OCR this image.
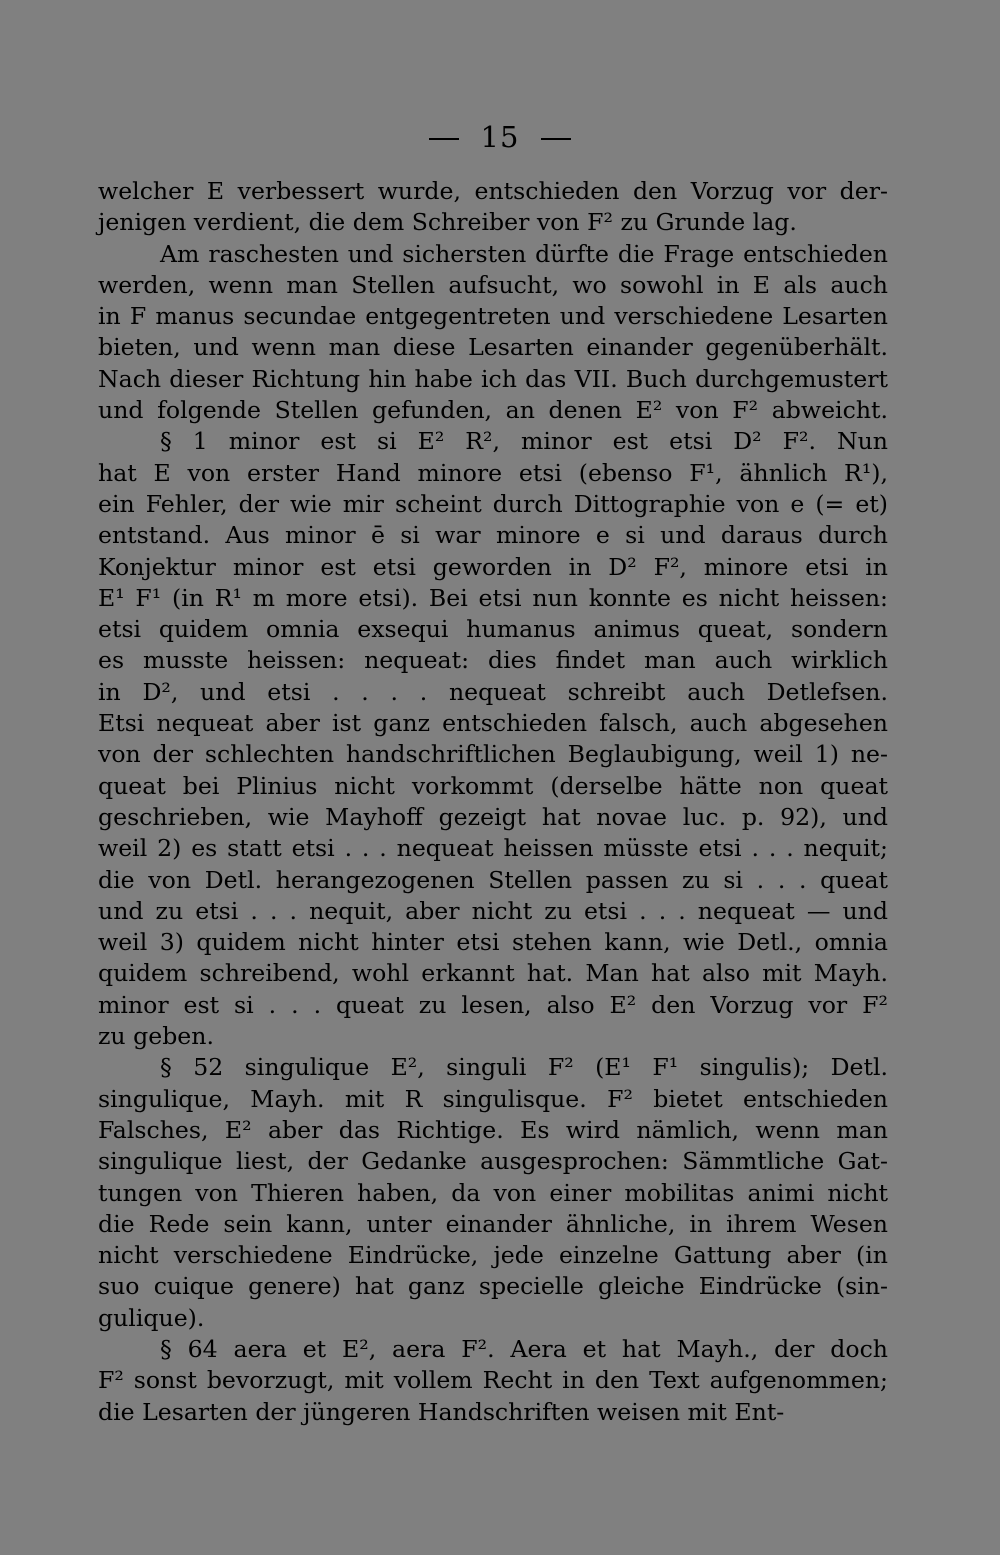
15
welcher E verbessert wurde, entschieden den Vorzug vor der-
jenigen verdient, die dem Schreiber von F² zu Grunde lag.
Am raschesten und sichersten dürfte die Frage entschieden
werden, wenn man Stellen aufsucht, wo sowohl in E als auch
in F manus secundae entgegentreten und verschiedene Lesarten
bieten, und wenn man diese Lesarten einander gegenüberhält.
Nach dieser Richtung hin habe ich das VII. Buch durchgemustert
und folgende Stellen gefunden, an denen E² von F² abweicht.
§ 1 minor est si E² R², minor est etsi D² F². Nun
hat E von erster Hand minore etsi (ebenso F¹, ähnlich R¹),
ein Fehler, der wie mir scheint durch Dittographie von e (= et)
entstand. Aus minor ē si war minore e si und daraus durch
Konjektur minor est etsi geworden in D² F², minore etsi in
E¹ F¹ (in R¹ m more etsi). Bei etsi nun konnte es nicht heissen:
etsi quidem omnia exsequi humanus animus queat, sondern
es musste heissen: nequeat: dies findet man auch wirklich
in D², und etsi . . . . nequeat schreibt auch Detlefsen.
Etsi nequeat aber ist ganz entschieden falsch, auch abgesehen
von der schlechten handschriftlichen Beglaubigung, weil 1) ne-
queat bei Plinius nicht vorkommt (derselbe hätte non queat
geschrieben, wie Mayhoff gezeigt hat novae luc. p. 92), und
weil 2) es statt etsi . . . nequeat heissen müsste etsi . . . nequit;
die von Detl. herangezogenen Stellen passen zu si . . . queat
und zu etsi . . . nequit, aber nicht zu etsi . . . nequeat — und
weil 3) quidem nicht hinter etsi stehen kann, wie Detl., omnia
quidem schreibend, wohl erkannt hat. Man hat also mit Mayh.
minor est si . . . queat zu lesen, also E² den Vorzug vor F²
zu geben.
§ 52 singulique E², singuli F² (E¹ F¹ singulis); Detl.
singulique, Mayh. mit R singulisque. F² bietet entschieden
Falsches, E² aber das Richtige. Es wird nämlich, wenn man
singulique liest, der Gedanke ausgesprochen: Sämmtliche Gat-
tungen von Thieren haben, da von einer mobilitas animi nicht
die Rede sein kann, unter einander ähnliche, in ihrem Wesen
nicht verschiedene Eindrücke, jede einzelne Gattung aber (in
suo cuique genere) hat ganz specielle gleiche Eindrücke (sin-
gulique).
§ 64 aera et E², aera F². Aera et hat Mayh., der doch
F² sonst bevorzugt, mit vollem Recht in den Text aufgenommen;
die Lesarten der jüngeren Handschriften weisen mit Ent-
